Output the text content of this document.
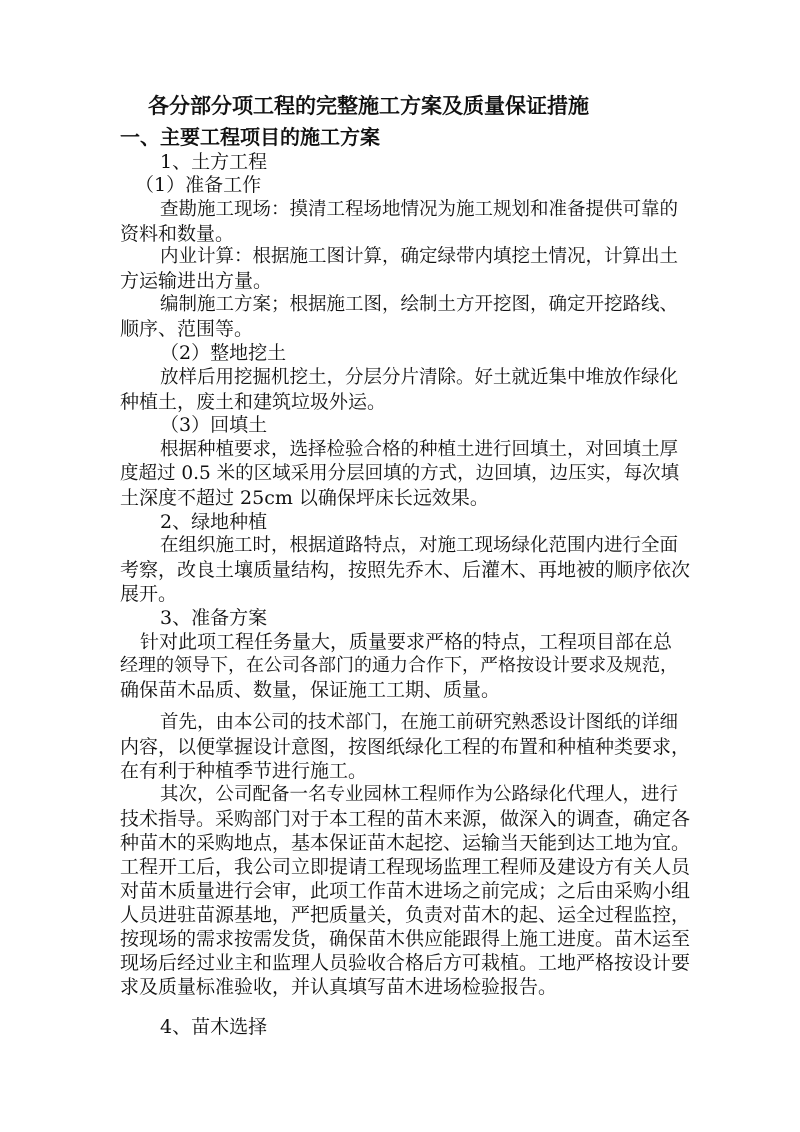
各分部分项工程的完整施工方案及质量保证措施
一、主要工程项目的施工方案
1、土方工程
（1）准备工作
查勘施工现场：摸清工程场地情况为施工规划和准备提供可靠的
资料和数量。
内业计算：根据施工图计算，确定绿带内填挖土情况，计算出土
方运输进出方量。
编制施工方案；根据施工图，绘制土方开挖图，确定开挖路线、
顺序、范围等。
（2）整地挖土
放样后用挖掘机挖土，分层分片清除。好土就近集中堆放作绿化
种植土，废土和建筑垃圾外运。
（3）回填土
根据种植要求，选择检验合格的种植土进行回填土，对回填土厚
度超过 0.5 米的区域采用分层回填的方式，边回填，边压实，每次填
土深度不超过 25cm 以确保坪床长远效果。
2、绿地种植
在组织施工时，根据道路特点，对施工现场绿化范围内进行全面
考察，改良土壤质量结构，按照先乔木、后灌木、再地被的顺序依次
展开。
3、准备方案
针对此项工程任务量大，质量要求严格的特点，工程项目部在总
经理的领导下，在公司各部门的通力合作下，严格按设计要求及规范，
确保苗木品质、数量，保证施工工期、质量。
首先，由本公司的技术部门，在施工前研究熟悉设计图纸的详细
内容，以便掌握设计意图，按图纸绿化工程的布置和种植种类要求，
在有利于种植季节进行施工。
其次，公司配备一名专业园林工程师作为公路绿化代理人，进行
技术指导。采购部门对于本工程的苗木来源，做深入的调查，确定各
种苗木的采购地点，基本保证苗木起挖、运输当天能到达工地为宜。
工程开工后，我公司立即提请工程现场监理工程师及建设方有关人员
对苗木质量进行会审，此项工作苗木进场之前完成；之后由采购小组
人员进驻苗源基地，严把质量关，负责对苗木的起、运全过程监控，
按现场的需求按需发货，确保苗木供应能跟得上施工进度。苗木运至
现场后经过业主和监理人员验收合格后方可栽植。工地严格按设计要
求及质量标准验收，并认真填写苗木进场检验报告。
4、苗木选择
